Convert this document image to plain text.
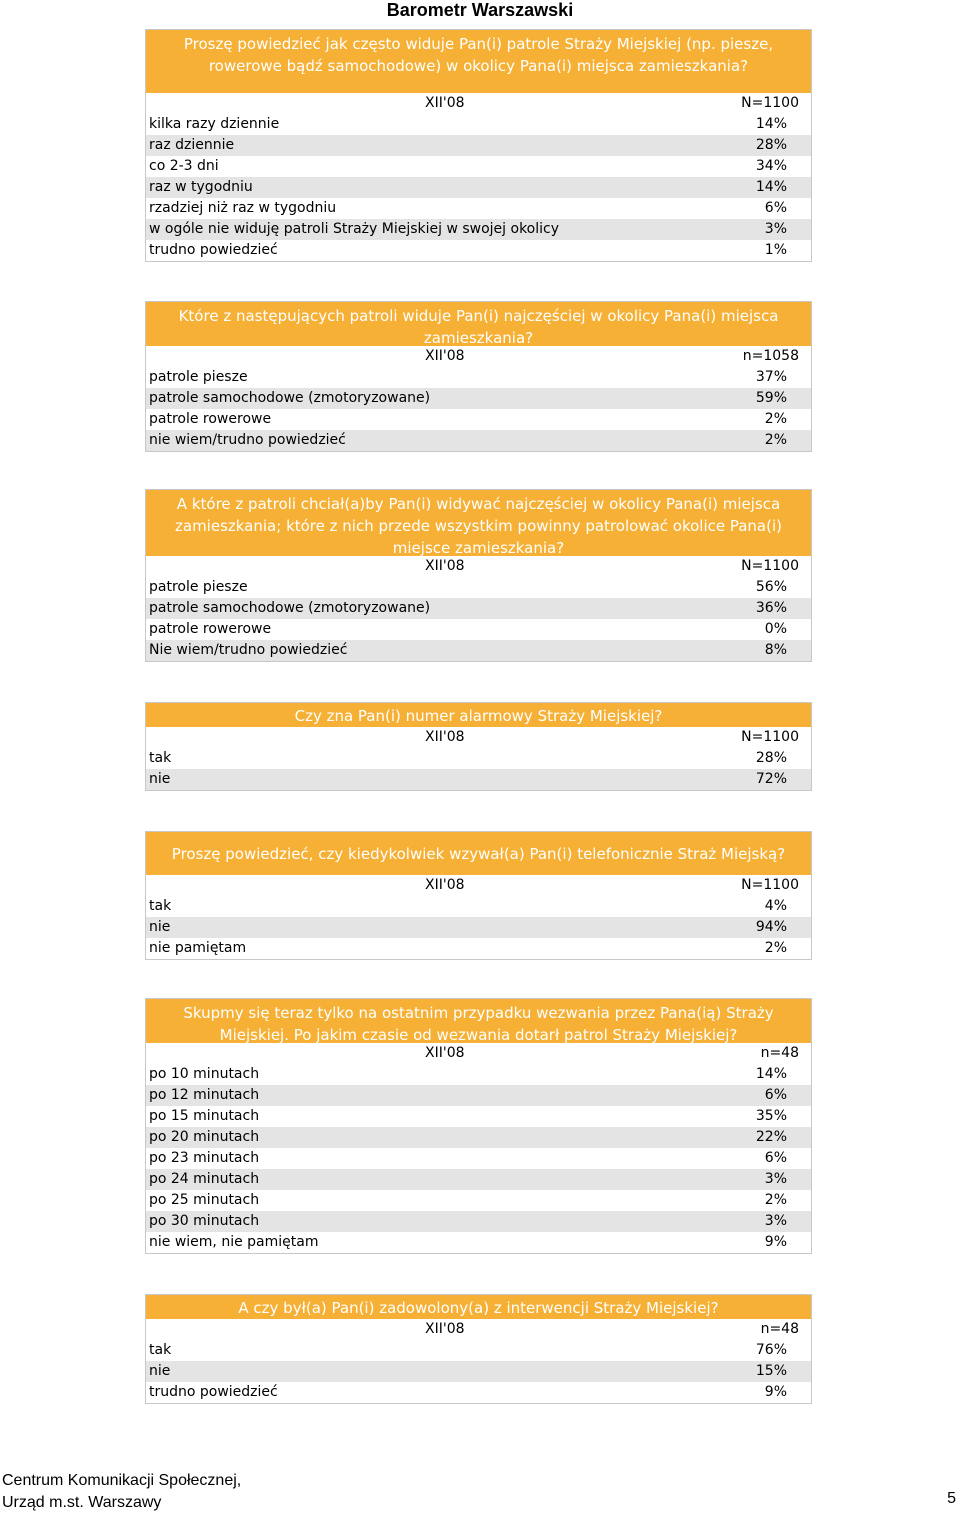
Barometr Warszawski
Proszę powiedzieć jak często widuje Pan(i) patrole Straży Miejskiej (np. piesze, rowerowe bądź samochodowe) w okolicy Pana(i) miejsca zamieszkania?
XII'08	N=1100
kilka razy dziennie	14%
raz dziennie	28%
co 2-3 dni	34%
raz w tygodniu	14%
rzadziej niż raz w tygodniu	6%
w ogóle nie widuję patroli Straży Miejskiej w swojej okolicy	3%
trudno powiedzieć	1%
Które z następujących patroli widuje Pan(i) najczęściej w okolicy Pana(i) miejsca zamieszkania?
XII'08	n=1058
patrole piesze	37%
patrole samochodowe (zmotoryzowane)	59%
patrole rowerowe	2%
nie wiem/trudno powiedzieć	2%
A które z patroli chciał(a)by Pan(i) widywać najczęściej w okolicy Pana(i) miejsca zamieszkania; które z nich przede wszystkim powinny patrolować okolice Pana(i) miejsce zamieszkania?
XII'08	N=1100
patrole piesze	56%
patrole samochodowe (zmotoryzowane)	36%
patrole rowerowe	0%
Nie wiem/trudno powiedzieć	8%
Czy zna Pan(i) numer alarmowy Straży Miejskiej?
XII'08	N=1100
tak	28%
nie	72%
Proszę powiedzieć, czy kiedykolwiek wzywał(a) Pan(i) telefonicznie Straż Miejską?
XII'08	N=1100
tak	4%
nie	94%
nie pamiętam	2%
Skupmy się teraz tylko na ostatnim przypadku wezwania przez Pana(ią) Straży Miejskiej. Po jakim czasie od wezwania dotarł patrol Straży Miejskiej?
XII'08	n=48
po 10 minutach	14%
po 12 minutach	6%
po 15 minutach	35%
po 20 minutach	22%
po 23 minutach	6%
po 24 minutach	3%
po 25 minutach	2%
po 30 minutach	3%
nie wiem, nie pamiętam	9%
A czy był(a) Pan(i) zadowolony(a) z interwencji Straży Miejskiej?
XII'08	n=48
tak	76%
nie	15%
trudno powiedzieć	9%
Centrum Komunikacji Społecznej,
Urząd m.st. Warszawy	5
